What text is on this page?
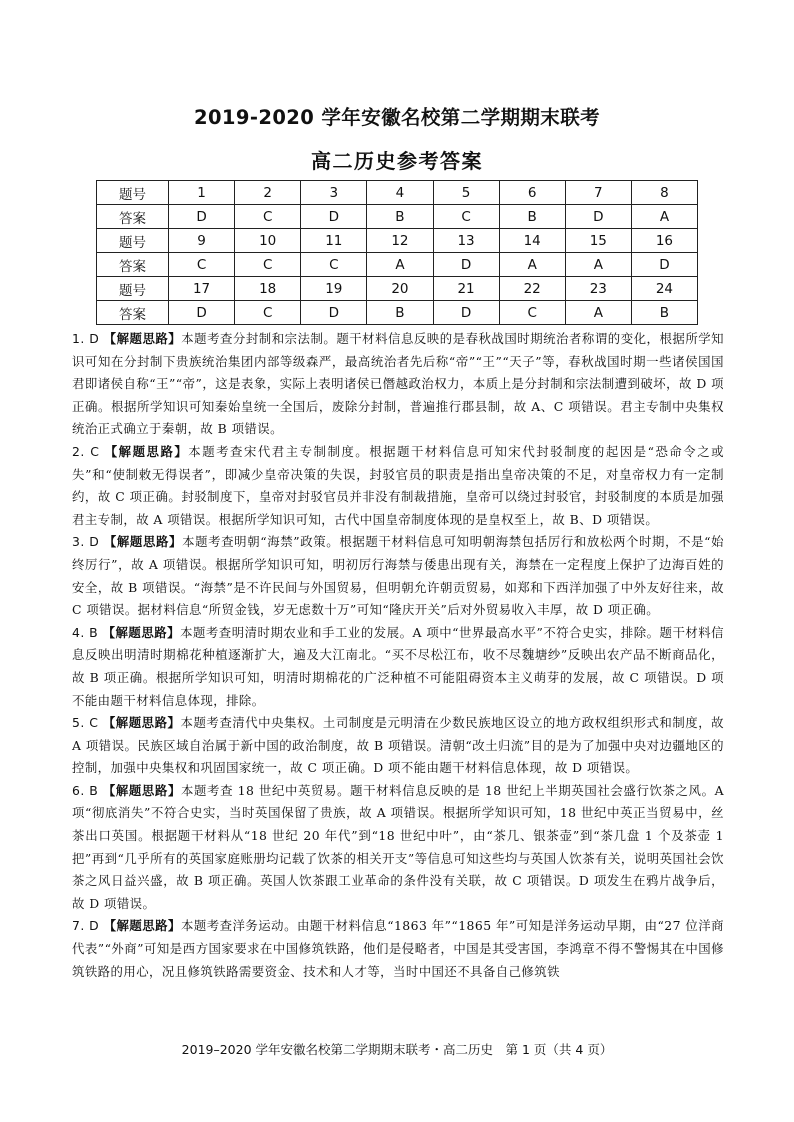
2019-2020 学年安徽名校第二学期期末联考
高二历史参考答案
题号	1	2	3	4	5	6	7	8
答案	D	C	D	B	C	B	D	A
题号	9	10	11	12	13	14	15	16
答案	C	C	C	A	D	A	A	D
题号	17	18	19	20	21	22	23	24
答案	D	C	D	B	D	C	A	B
1. D 【解题思路】本题考查分封制和宗法制。题干材料信息反映的是春秋战国时期统治者称谓的变化，根据所学知识可知在分封制下贵族统治集团内部等级森严，最高统治者先后称“帝”“王”“天子”等，春秋战国时期一些诸侯国国君即诸侯自称“王”“帝”，这是表象，实际上表明诸侯已僭越政治权力，本质上是分封制和宗法制遭到破坏，故 D 项正确。根据所学知识可知秦始皇统一全国后，废除分封制，普遍推行郡县制，故 A、C 项错误。君主专制中央集权统治正式确立于秦朝，故 B 项错误。
2. C 【解题思路】本题考查宋代君主专制制度。根据题干材料信息可知宋代封驳制度的起因是“恐命令之或失”和“使制敕无得误者”，即减少皇帝决策的失误，封驳官员的职责是指出皇帝决策的不足，对皇帝权力有一定制约，故 C 项正确。封驳制度下，皇帝对封驳官员并非没有制裁措施，皇帝可以绕过封驳官，封驳制度的本质是加强君主专制，故 A 项错误。根据所学知识可知，古代中国皇帝制度体现的是皇权至上，故 B、D 项错误。
3. D 【解题思路】本题考查明朝“海禁”政策。根据题干材料信息可知明朝海禁包括厉行和放松两个时期，不是“始终厉行”，故 A 项错误。根据所学知识可知，明初厉行海禁与倭患出现有关，海禁在一定程度上保护了边海百姓的安全，故 B 项错误。“海禁”是不许民间与外国贸易，但明朝允许朝贡贸易，如郑和下西洋加强了中外友好往来，故 C 项错误。据材料信息“所贸金钱，岁无虑数十万”可知“隆庆开关”后对外贸易收入丰厚，故 D 项正确。
4. B 【解题思路】本题考查明清时期农业和手工业的发展。A 项中“世界最高水平”不符合史实，排除。题干材料信息反映出明清时期棉花种植逐渐扩大，遍及大江南北。“买不尽松江布，收不尽魏塘纱”反映出农产品不断商品化，故 B 项正确。根据所学知识可知，明清时期棉花的广泛种植不可能阻碍资本主义萌芽的发展，故 C 项错误。D 项不能由题干材料信息体现，排除。
5. C 【解题思路】本题考查清代中央集权。土司制度是元明清在少数民族地区设立的地方政权组织形式和制度，故 A 项错误。民族区域自治属于新中国的政治制度，故 B 项错误。清朝“改土归流”目的是为了加强中央对边疆地区的控制，加强中央集权和巩固国家统一，故 C 项正确。D 项不能由题干材料信息体现，故 D 项错误。
6. B 【解题思路】本题考查 18 世纪中英贸易。题干材料信息反映的是 18 世纪上半期英国社会盛行饮茶之风。A 项“彻底消失”不符合史实，当时英国保留了贵族，故 A 项错误。根据所学知识可知，18 世纪中英正当贸易中，丝茶出口英国。根据题干材料从“18 世纪 20 年代”到“18 世纪中叶”，由“茶几、银茶壶”到“茶几盘 1 个及茶壶 1 把”再到“几乎所有的英国家庭账册均记载了饮茶的相关开支”等信息可知这些均与英国人饮茶有关，说明英国社会饮茶之风日益兴盛，故 B 项正确。英国人饮茶跟工业革命的条件没有关联，故 C 项错误。D 项发生在鸦片战争后，故 D 项错误。
7. D 【解题思路】本题考查洋务运动。由题干材料信息“1863 年”“1865 年”可知是洋务运动早期，由“27 位洋商代表”“外商”可知是西方国家要求在中国修筑铁路，他们是侵略者，中国是其受害国，李鸿章不得不警惕其在中国修筑铁路的用心，况且修筑铁路需要资金、技术和人才等，当时中国还不具备自己修筑铁
2019–2020 学年安徽名校第二学期期末联考・高二历史　第 1 页（共 4 页）
